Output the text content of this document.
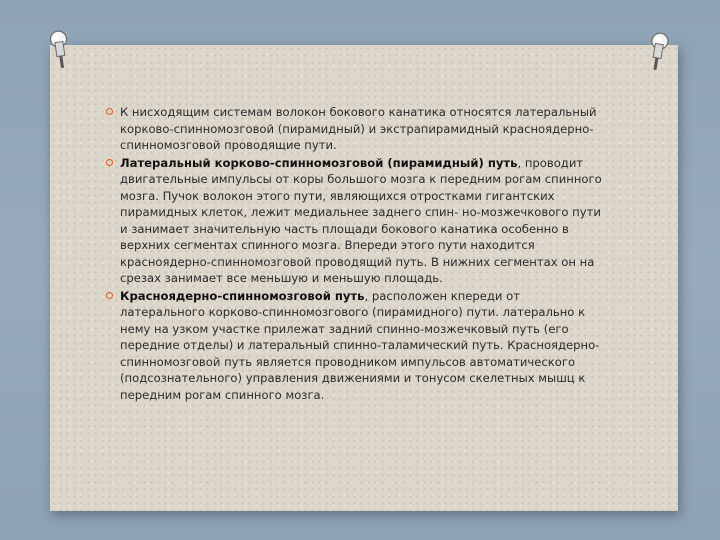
К нисходящим системам волокон бокового канатика относятся латеральный корково-спинномозговой (пирамидный) и экстрапирамидный красноядерно-спинномозговой проводящие пути.

Латеральный корково-спинномозговой (пирамидный) путь, проводит двигательные импульсы от коры большого мозга к передним рогам спинного мозга. Пучок волокон этого пути, являющихся отростками гигантских пирамидных клеток, лежит медиальнее заднего спин- но-мозжечкового пути и занимает значительную часть площади бокового канатика особенно в верхних сегментах спинного мозга. Впереди этого пути находится красноядерно-спинномозговой проводящий путь. В нижних сегментах он на срезах занимает все меньшую и меньшую площадь.

Красноядерно-спинномозговой путь, расположен кпереди от латерального корково-спинномозгового (пирамидного) пути. латерально к нему на узком участке прилежат задний спинно-мозжечковый путь (его передние отделы) и латеральный спинно-таламический путь. Красноядерно-спинномозговой путь является проводником импульсов автоматического (подсознательного) управления движениями и тонусом скелетных мышц к передним рогам спинного мозга.
